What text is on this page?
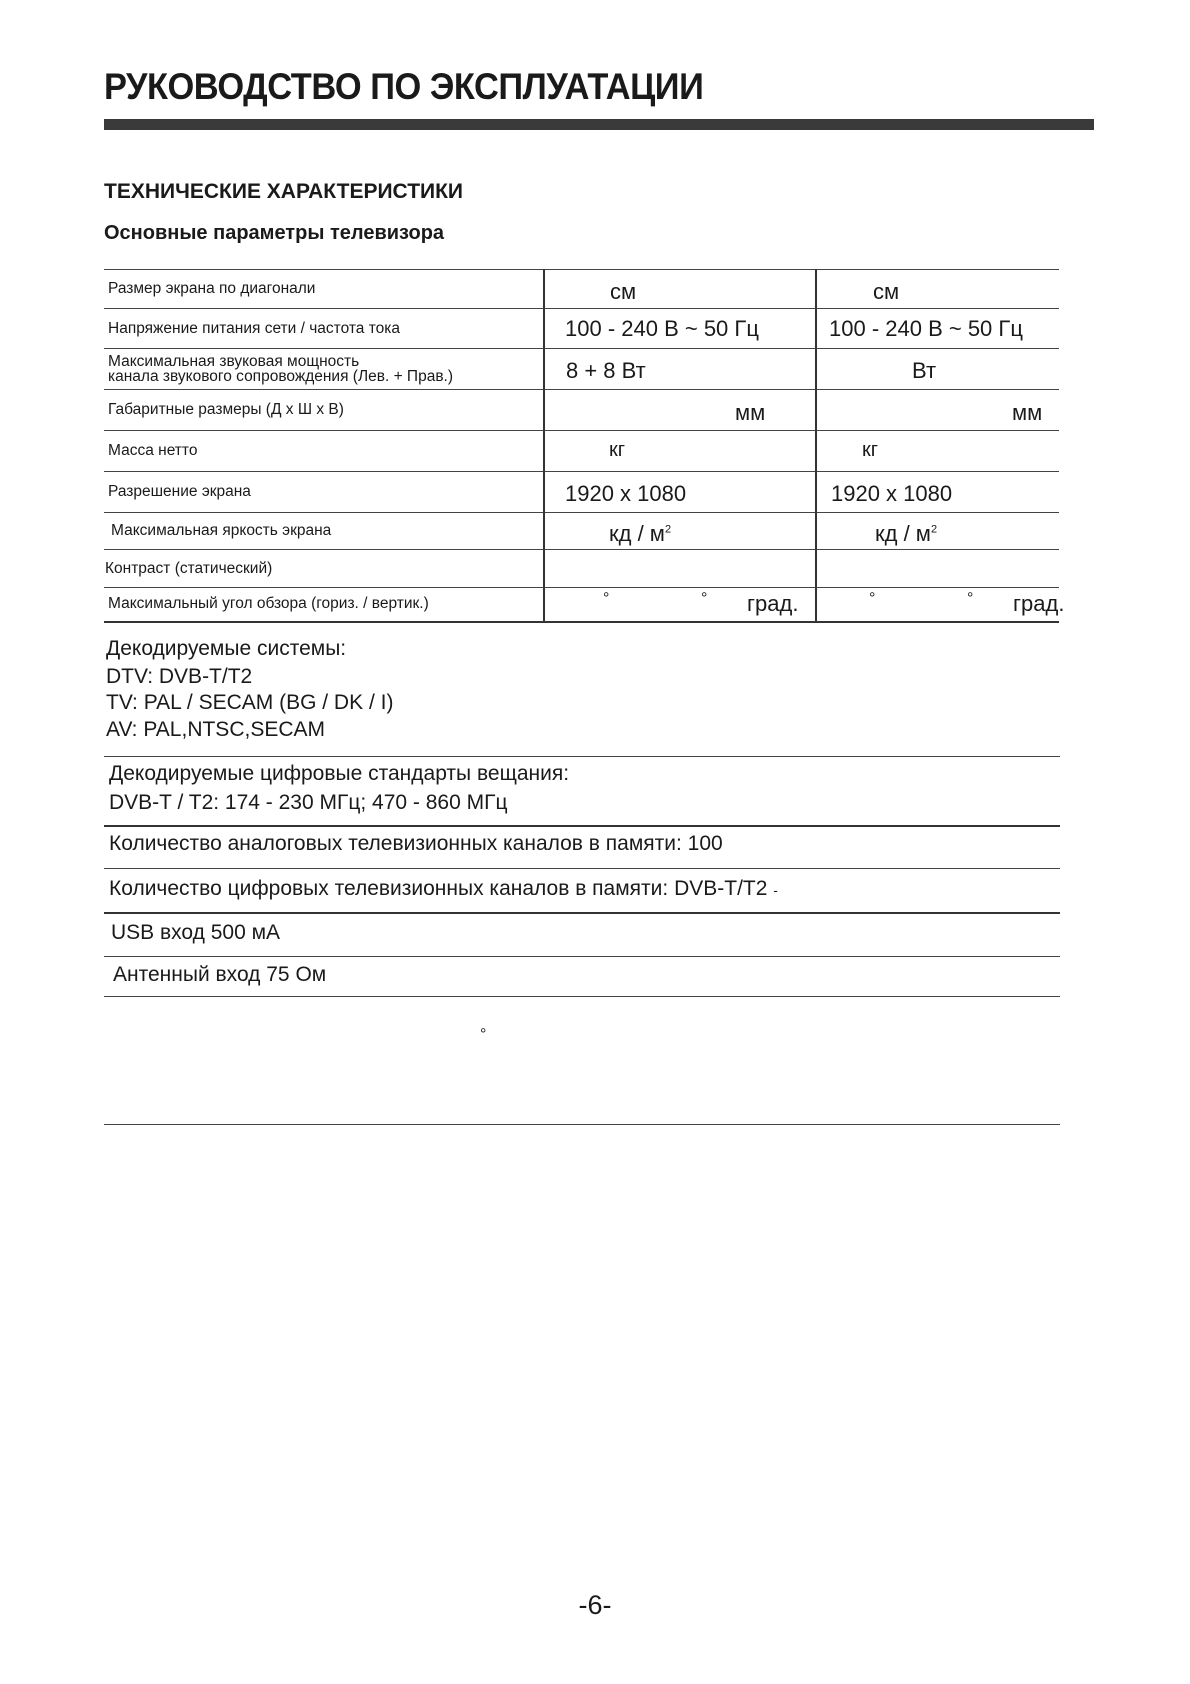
РУКОВОДСТВО ПО ЭКСПЛУАТАЦИИ
ТЕХНИЧЕСКИЕ ХАРАКТЕРИСТИКИ
Основные параметры телевизора
Размер экрана по диагонали	см	см

Напряжение питания сети / частота тока	100 - 240 В ~ 50 Гц	100 - 240 В ~ 50 Гц

Максимальная звуковая мощность
канала звукового сопровождения (Лев. + Прав.)	8 + 8 Вт	Вт

Габаритные размеры (Д х Ш х В)	мм	мм

Масса нетто	кг	кг

Разрешение экрана	1920 x 1080	1920 x 1080

Максимальная яркость экрана	кд / $м^2$	кд / $м^2$

Контраст (статический)		
Максимальный угол обзора (гориз. / вертик.)	° ° град.	° ° град.
Декодируемые системы:
DTV: DVB-T/T2
TV: PAL / SECAM (BG / DK / I)
AV: PAL,NTSC,SECAM
Декодируемые цифровые стандарты вещания:
DVB-T / T2: 174 - 230 МГц; 470 - 860 МГц
Количество аналоговых телевизионных каналов в памяти: 100
Количество цифровых телевизионных каналов в памяти: DVB-T/T2 -
USB вход 500 мА
Антенный вход 75 Ом
°
-6-
